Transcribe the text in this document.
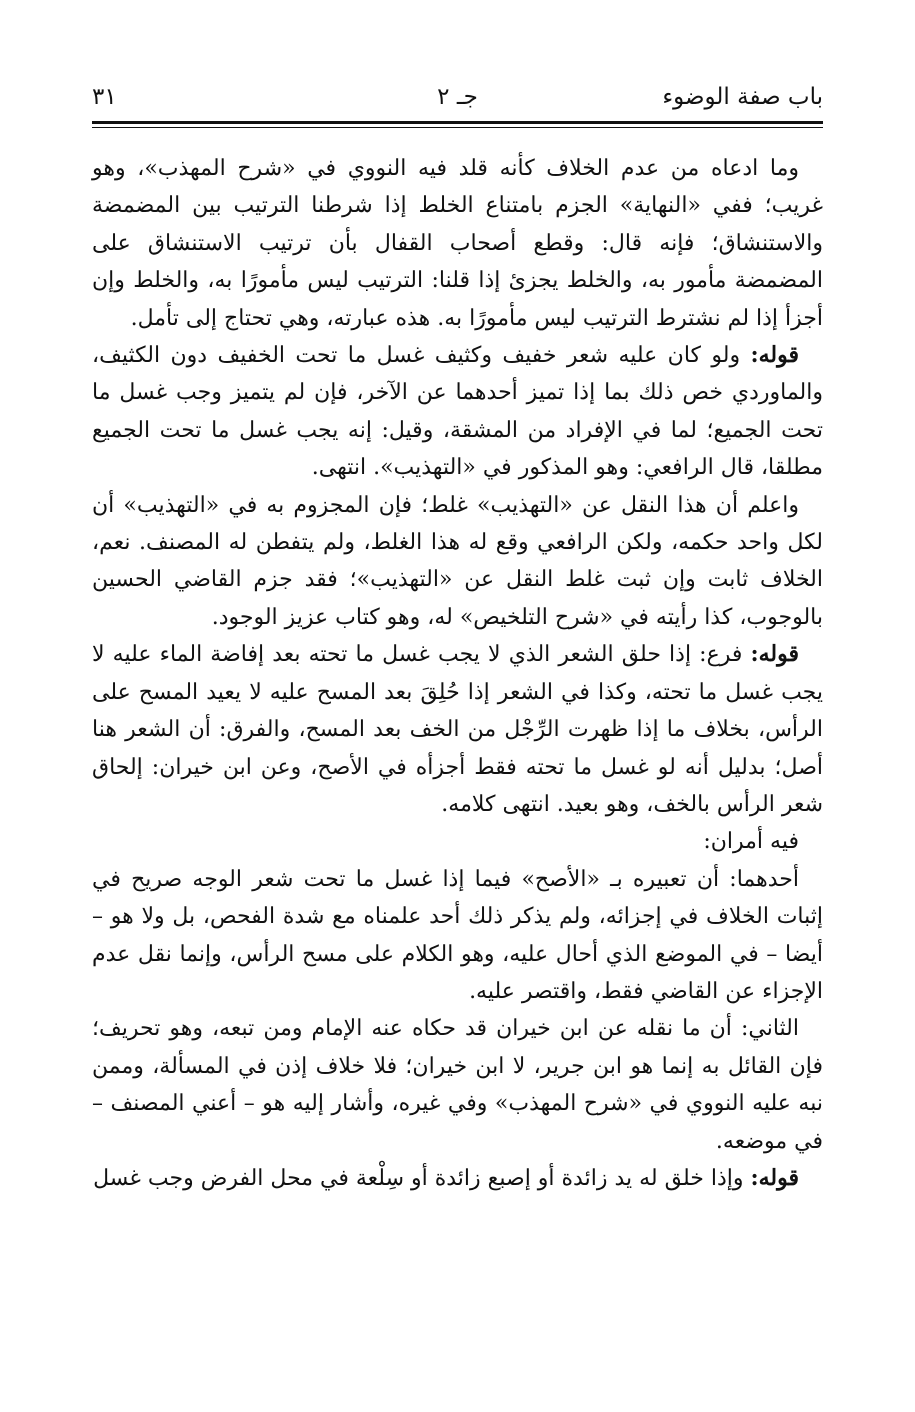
باب صفة الوضوء
جـ ٢
٣١

وما ادعاه من عدم الخلاف كأنه قلد فيه النووي في «شرح المهذب»، وهو غريب؛ ففي «النهاية» الجزم بامتناع الخلط إذا شرطنا الترتيب بين المضمضة والاستنشاق؛ فإنه قال: وقطع أصحاب القفال بأن ترتيب الاستنشاق على المضمضة مأمور به، والخلط يجزئ إذا قلنا: الترتيب ليس مأمورًا به، والخلط وإن أجزأ إذا لم نشترط الترتيب ليس مأمورًا به. هذه عبارته، وهي تحتاج إلى تأمل.

قوله: ولو كان عليه شعر خفيف وكثيف غسل ما تحت الخفيف دون الكثيف، والماوردي خص ذلك بما إذا تميز أحدهما عن الآخر، فإن لم يتميز وجب غسل ما تحت الجميع؛ لما في الإفراد من المشقة، وقيل: إنه يجب غسل ما تحت الجميع مطلقا، قال الرافعي: وهو المذكور في «التهذيب». انتهى.

واعلم أن هذا النقل عن «التهذيب» غلط؛ فإن المجزوم به في «التهذيب» أن لكل واحد حكمه، ولكن الرافعي وقع له هذا الغلط، ولم يتفطن له المصنف. نعم، الخلاف ثابت وإن ثبت غلط النقل عن «التهذيب»؛ فقد جزم القاضي الحسين بالوجوب، كذا رأيته في «شرح التلخيص» له، وهو كتاب عزيز الوجود.

قوله: فرع: إذا حلق الشعر الذي لا يجب غسل ما تحته بعد إفاضة الماء عليه لا يجب غسل ما تحته، وكذا في الشعر إذا حُلِقَ بعد المسح عليه لا يعيد المسح على الرأس، بخلاف ما إذا ظهرت الرِّجْل من الخف بعد المسح، والفرق: أن الشعر هنا أصل؛ بدليل أنه لو غسل ما تحته فقط أجزأه في الأصح، وعن ابن خيران: إلحاق شعر الرأس بالخف، وهو بعيد. انتهى كلامه.

فيه أمران:

أحدهما: أن تعبيره بـ «الأصح» فيما إذا غسل ما تحت شعر الوجه صريح في إثبات الخلاف في إجزائه، ولم يذكر ذلك أحد علمناه مع شدة الفحص، بل ولا هو – أيضا – في الموضع الذي أحال عليه، وهو الكلام على مسح الرأس، وإنما نقل عدم الإجزاء عن القاضي فقط، واقتصر عليه.

الثاني: أن ما نقله عن ابن خيران قد حكاه عنه الإمام ومن تبعه، وهو تحريف؛ فإن القائل به إنما هو ابن جرير، لا ابن خيران؛ فلا خلاف إذن في المسألة، وممن نبه عليه النووي في «شرح المهذب» وفي غيره، وأشار إليه هو – أعني المصنف – في موضعه.

قوله: وإذا خلق له يد زائدة أو إصبع زائدة أو سِلْعة في محل الفرض وجب غسل
